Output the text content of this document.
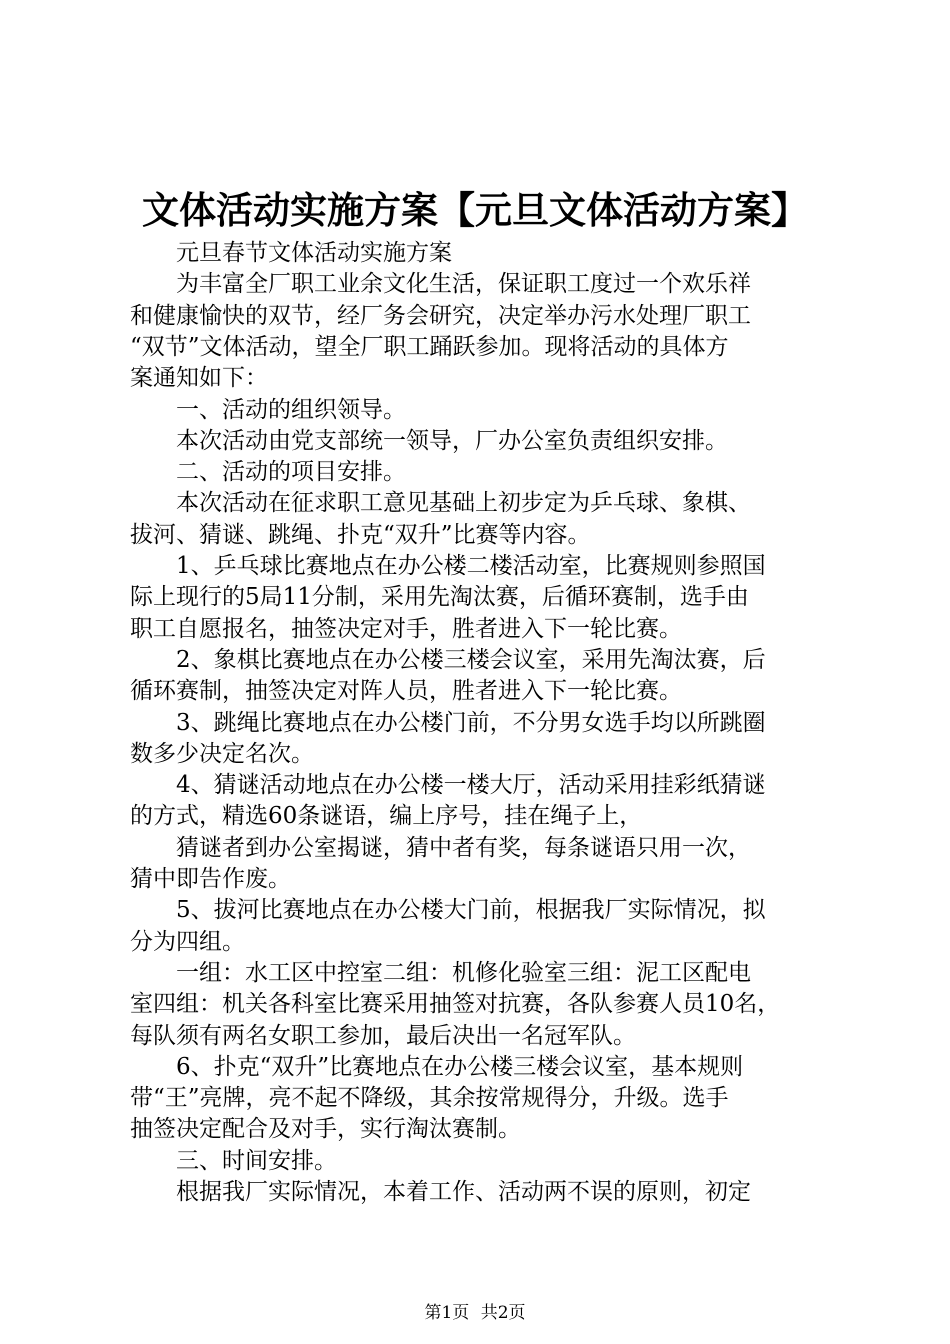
文体活动实施方案【元旦文体活动方案】
　　元旦春节文体活动实施方案
　　为丰富全厂职工业余文化生活，保证职工度过一个欢乐祥
和健康愉快的双节，经厂务会研究，决定举办污水处理厂职工
“双节”文体活动，望全厂职工踊跃参加。现将活动的具体方
案通知如下：
　　一、活动的组织领导。
　　本次活动由党支部统一领导，厂办公室负责组织安排。
　　二、活动的项目安排。
　　本次活动在征求职工意见基础上初步定为乒乓球、象棋、
拔河、猜谜、跳绳、扑克“双升”比赛等内容。
　　1、乒乓球比赛地点在办公楼二楼活动室，比赛规则参照国
际上现行的5局11分制，采用先淘汰赛，后循环赛制，选手由
职工自愿报名，抽签决定对手，胜者进入下一轮比赛。
　　2、象棋比赛地点在办公楼三楼会议室，采用先淘汰赛，后
循环赛制，抽签决定对阵人员，胜者进入下一轮比赛。
　　3、跳绳比赛地点在办公楼门前，不分男女选手均以所跳圈
数多少决定名次。
　　4、猜谜活动地点在办公楼一楼大厅，活动采用挂彩纸猜谜
的方式，精选60条谜语，编上序号，挂在绳子上，
　　猜谜者到办公室揭谜，猜中者有奖，每条谜语只用一次，
猜中即告作废。
　　5、拔河比赛地点在办公楼大门前，根据我厂实际情况，拟
分为四组。
　　一组：水工区中控室二组：机修化验室三组：泥工区配电
室四组：机关各科室比赛采用抽签对抗赛，各队参赛人员10名，
每队须有两名女职工参加，最后决出一名冠军队。
　　6、扑克“双升”比赛地点在办公楼三楼会议室，基本规则
带“王”亮牌，亮不起不降级，其余按常规得分，升级。选手
抽签决定配合及对手，实行淘汰赛制。
　　三、时间安排。
　　根据我厂实际情况，本着工作、活动两不误的原则，初定
第1页 共2页
